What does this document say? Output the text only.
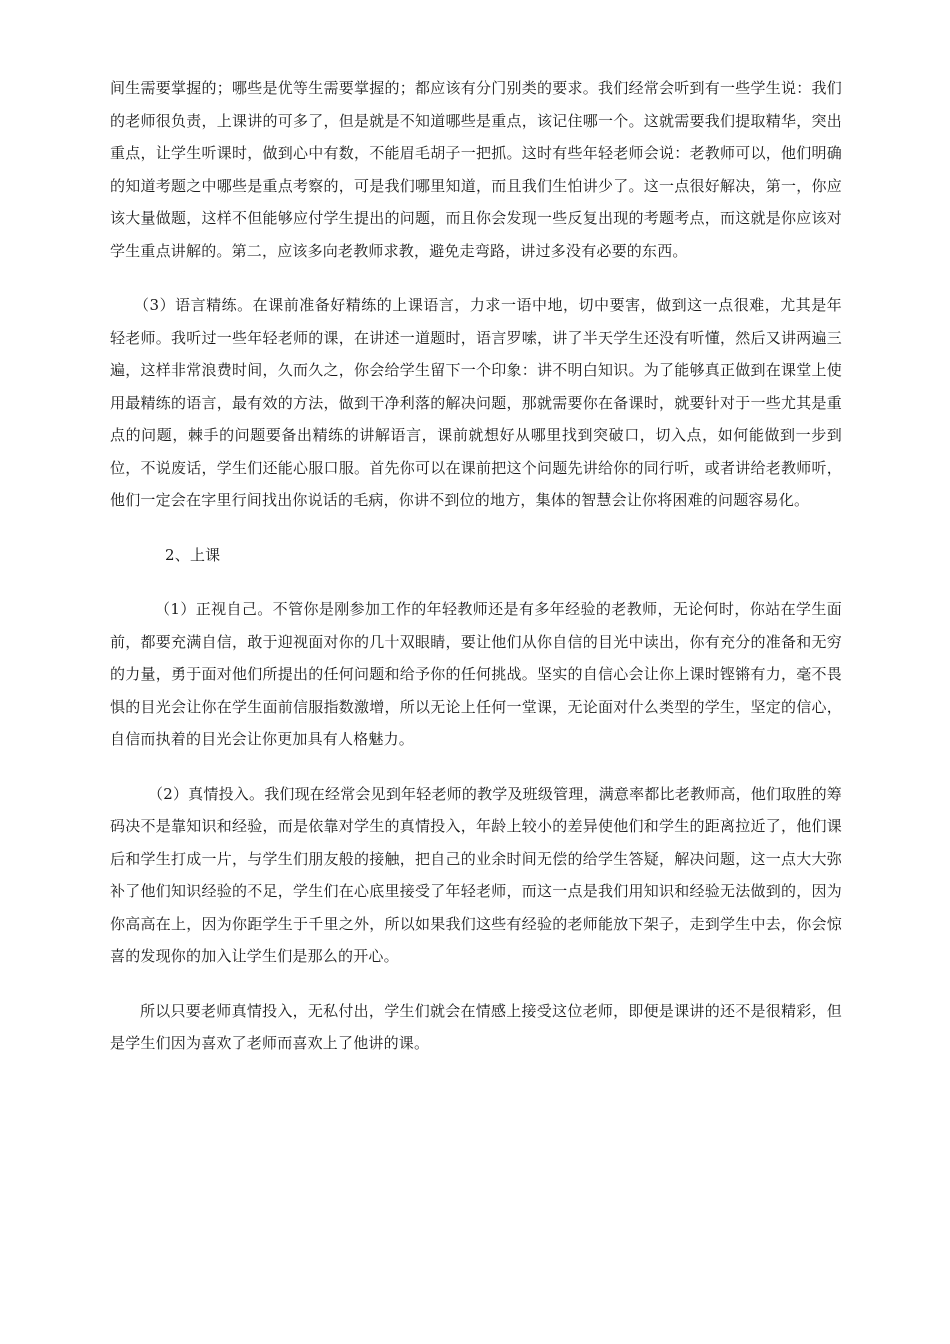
间生需要掌握的；哪些是优等生需要掌握的；都应该有分门别类的要求。我们经常会听到有一些学生说：我们的老师很负责，上课讲的可多了，但是就是不知道哪些是重点，该记住哪一个。这就需要我们提取精华，突出重点，让学生听课时，做到心中有数，不能眉毛胡子一把抓。这时有些年轻老师会说：老教师可以，他们明确的知道考题之中哪些是重点考察的，可是我们哪里知道，而且我们生怕讲少了。这一点很好解决，第一，你应该大量做题，这样不但能够应付学生提出的问题，而且你会发现一些反复出现的考题考点，而这就是你应该对学生重点讲解的。第二，应该多向老教师求教，避免走弯路，讲过多没有必要的东西。

（3）语言精练。在课前准备好精练的上课语言，力求一语中地，切中要害，做到这一点很难，尤其是年轻老师。我听过一些年轻老师的课，在讲述一道题时，语言罗嗦，讲了半天学生还没有听懂，然后又讲两遍三遍，这样非常浪费时间，久而久之，你会给学生留下一个印象：讲不明白知识。为了能够真正做到在课堂上使用最精练的语言，最有效的方法，做到干净利落的解决问题，那就需要你在备课时，就要针对于一些尤其是重点的问题，棘手的问题要备出精练的讲解语言，课前就想好从哪里找到突破口，切入点，如何能做到一步到位，不说废话，学生们还能心服口服。首先你可以在课前把这个问题先讲给你的同行听，或者讲给老教师听，他们一定会在字里行间找出你说话的毛病，你讲不到位的地方，集体的智慧会让你将困难的问题容易化。

2、上课

（1）正视自己。不管你是刚参加工作的年轻教师还是有多年经验的老教师，无论何时，你站在学生面前，都要充满自信，敢于迎视面对你的几十双眼睛，要让他们从你自信的目光中读出，你有充分的准备和无穷的力量，勇于面对他们所提出的任何问题和给予你的任何挑战。坚实的自信心会让你上课时铿锵有力，毫不畏惧的目光会让你在学生面前信服指数激增，所以无论上任何一堂课，无论面对什么类型的学生，坚定的信心，自信而执着的目光会让你更加具有人格魅力。

（2）真情投入。我们现在经常会见到年轻老师的教学及班级管理，满意率都比老教师高，他们取胜的筹码决不是靠知识和经验，而是依靠对学生的真情投入，年龄上较小的差异使他们和学生的距离拉近了，他们课后和学生打成一片，与学生们朋友般的接触，把自己的业余时间无偿的给学生答疑，解决问题，这一点大大弥补了他们知识经验的不足，学生们在心底里接受了年轻老师，而这一点是我们用知识和经验无法做到的，因为你高高在上，因为你距学生于千里之外，所以如果我们这些有经验的老师能放下架子，走到学生中去，你会惊喜的发现你的加入让学生们是那么的开心。

所以只要老师真情投入，无私付出，学生们就会在情感上接受这位老师，即便是课讲的还不是很精彩，但是学生们因为喜欢了老师而喜欢上了他讲的课。
